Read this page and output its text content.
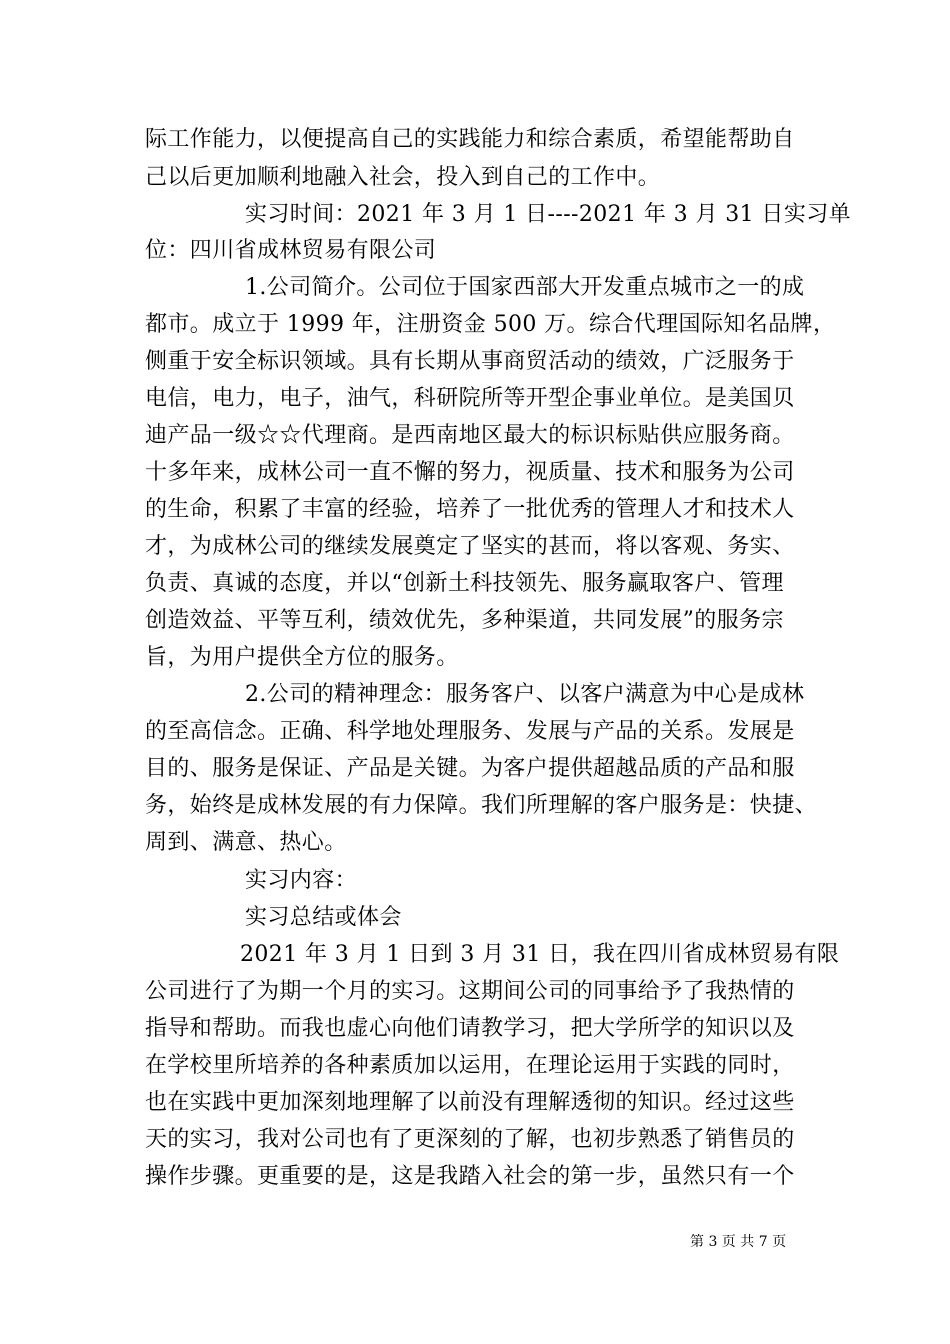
际工作能力，以便提高自己的实践能力和综合素质，希望能帮助自
己以后更加顺利地融入社会，投入到自己的工作中。
实习时间：2021 年 3 月 1 日----2021 年 3 月 31 日实习单
位：四川省成林贸易有限公司
1.公司简介。公司位于国家西部大开发重点城市之一的成
都市。成立于 1999 年，注册资金 500 万。综合代理国际知名品牌，
侧重于安全标识领域。具有长期从事商贸活动的绩效，广泛服务于
电信，电力，电子，油气，科研院所等开型企事业单位。是美国贝
迪产品一级☆☆代理商。是西南地区最大的标识标贴供应服务商。
十多年来，成林公司一直不懈的努力，视质量、技术和服务为公司
的生命，积累了丰富的经验，培养了一批优秀的管理人才和技术人
才，为成林公司的继续发展奠定了坚实的甚而，将以客观、务实、
负责、真诚的态度，并以“创新土科技领先、服务赢取客户、管理
创造效益、平等互利，绩效优先，多种渠道，共同发展”的服务宗
旨，为用户提供全方位的服务。
2.公司的精神理念：服务客户、以客户满意为中心是成林
的至高信念。正确、科学地处理服务、发展与产品的关系。发展是
目的、服务是保证、产品是关键。为客户提供超越品质的产品和服
务，始终是成林发展的有力保障。我们所理解的客户服务是：快捷、
周到、满意、热心。
实习内容：
实习总结或体会
2021 年 3 月 1 日到 3 月 31 日，我在四川省成林贸易有限
公司进行了为期一个月的实习。这期间公司的同事给予了我热情的
指导和帮助。而我也虚心向他们请教学习，把大学所学的知识以及
在学校里所培养的各种素质加以运用，在理论运用于实践的同时，
也在实践中更加深刻地理解了以前没有理解透彻的知识。经过这些
天的实习，我对公司也有了更深刻的了解，也初步熟悉了销售员的
操作步骤。更重要的是，这是我踏入社会的第一步，虽然只有一个
第 3 页 共 7 页
